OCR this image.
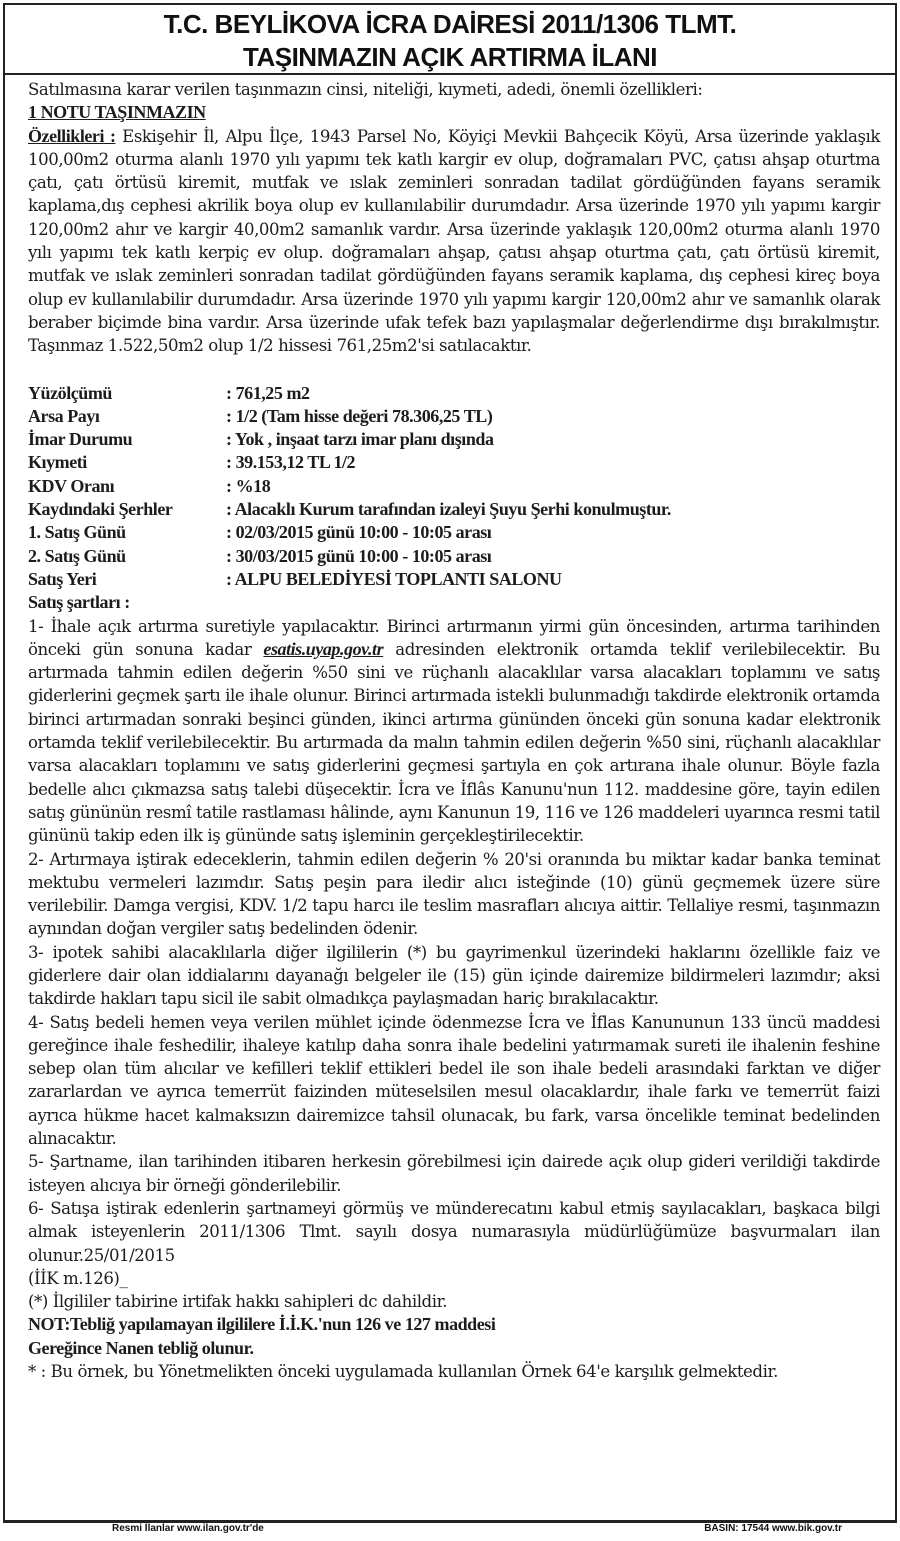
T.C. BEYLİKOVA İCRA DAİRESİ 2011/1306 TLMT.
TAŞINMAZIN AÇIK ARTIRMA İLANI

Satılmasına karar verilen taşınmazın cinsi, niteliği, kıymeti, adedi, önemli özellikleri:

1 NOTU TAŞINMAZIN

Özellikleri : Eskişehir İl, Alpu İlçe, 1943 Parsel No, Köyiçi Mevkii Bahçecik Köyü, Arsa üzerinde yaklaşık 100,00m2 oturma alanlı 1970 yılı yapımı tek katlı kargir ev olup, doğramaları PVC, çatısı ahşap oturtma çatı, çatı örtüsü kiremit, mutfak ve ıslak zeminleri sonradan tadilat gördüğünden fayans seramik kaplama,dış cephesi akrilik boya olup ev kullanılabilir durumdadır. Arsa üzerinde 1970 yılı yapımı kargir 120,00m2 ahır ve kargir 40,00m2 samanlık vardır. Arsa üzerinde yaklaşık 120,00m2 oturma alanlı 1970 yılı yapımı tek katlı kerpiç ev olup. doğramaları ahşap, çatısı ahşap oturtma çatı, çatı örtüsü kiremit, mutfak ve ıslak zeminleri sonradan tadilat gördüğünden fayans seramik kaplama, dış cephesi kireç boya olup ev kullanılabilir durumdadır. Arsa üzerinde 1970 yılı yapımı kargir 120,00m2 ahır ve samanlık olarak beraber biçimde bina vardır. Arsa üzerinde ufak tefek bazı yapılaşmalar değerlendirme dışı bırakılmıştır. Taşınmaz 1.522,50m2 olup 1/2 hissesi 761,25m2'si satılacaktır.

Yüzölçümü	: 761,25 m2
Arsa Payı	: 1/2 (Tam hisse değeri 78.306,25 TL)
İmar Durumu	: Yok , inşaat tarzı imar planı dışında
Kıymeti	: 39.153,12 TL 1/2
KDV Oranı	: %18
Kaydındaki Şerhler	: Alacaklı Kurum tarafından izaleyi Şuyu Şerhi konulmuştur.
1. Satış Günü	: 02/03/2015 günü 10:00 - 10:05 arası
2. Satış Günü	: 30/03/2015 günü 10:00 - 10:05 arası
Satış Yeri	: ALPU BELEDİYESİ TOPLANTI SALONU

Satış şartları :

1- İhale açık artırma suretiyle yapılacaktır. Birinci artırmanın yirmi gün öncesinden, artırma tarihinden önceki gün sonuna kadar esatis.uyap.gov.tr adresinden elektronik ortamda teklif verilebilecektir. Bu artırmada tahmin edilen değerin %50 sini ve rüçhanlı alacaklılar varsa alacakları toplamını ve satış giderlerini geçmek şartı ile ihale olunur. Birinci artırmada istekli bulunmadığı takdirde elektronik ortamda birinci artırmadan sonraki beşinci günden, ikinci artırma gününden önceki gün sonuna kadar elektronik ortamda teklif verilebilecektir. Bu artırmada da malın tahmin edilen değerin %50 sini, rüçhanlı alacaklılar varsa alacakları toplamını ve satış giderlerini geçmesi şartıyla en çok artırana ihale olunur. Böyle fazla bedelle alıcı çıkmazsa satış talebi düşecektir. İcra ve İflâs Kanunu'nun 112. maddesine göre, tayin edilen satış gününün resmî tatile rastlaması hâlinde, aynı Kanunun 19, 116 ve 126 maddeleri uyarınca resmi tatil gününü takip eden ilk iş gününde satış işleminin gerçekleştirilecektir.

2- Artırmaya iştirak edeceklerin, tahmin edilen değerin % 20'si oranında bu miktar kadar banka teminat mektubu vermeleri lazımdır. Satış peşin para iledir alıcı isteğinde (10) günü geçmemek üzere süre verilebilir. Damga vergisi, KDV. 1/2 tapu harcı ile teslim masrafları alıcıya aittir. Tellaliye resmi, taşınmazın aynından doğan vergiler satış bedelinden ödenir.

3- ipotek sahibi alacaklılarla diğer ilgililerin (*) bu gayrimenkul üzerindeki haklarını özellikle faiz ve giderlere dair olan iddialarını dayanağı belgeler ile (15) gün içinde dairemize bildirmeleri lazımdır; aksi takdirde hakları tapu sicil ile sabit olmadıkça paylaşmadan hariç bırakılacaktır.

4- Satış bedeli hemen veya verilen mühlet içinde ödenmezse İcra ve İflas Kanununun 133 üncü maddesi gereğince ihale feshedilir, ihaleye katılıp daha sonra ihale bedelini yatırmamak sureti ile ihalenin feshine sebep olan tüm alıcılar ve kefilleri teklif ettikleri bedel ile son ihale bedeli arasındaki farktan ve diğer zararlardan ve ayrıca temerrüt faizinden müteselsilen mesul olacaklardır, ihale farkı ve temerrüt faizi ayrıca hükme hacet kalmaksızın dairemizce tahsil olunacak, bu fark, varsa öncelikle teminat bedelinden alınacaktır.

5- Şartname, ilan tarihinden itibaren herkesin görebilmesi için dairede açık olup gideri verildiği takdirde isteyen alıcıya bir örneği gönderilebilir.

6- Satışa iştirak edenlerin şartnameyi görmüş ve münderecatını kabul etmiş sayılacakları, başkaca bilgi almak isteyenlerin 2011/1306 Tlmt. sayılı dosya numarasıyla müdürlüğümüze başvurmaları ilan olunur.25/01/2015

(İİK m.126)_

(*) İlgililer tabirine irtifak hakkı sahipleri dc dahildir.

NOT:Tebliğ yapılamayan ilgililere İ.İ.K.'nun 126 ve 127 maddesi

Gereğince Nanen tebliğ olunur.

* : Bu örnek, bu Yönetmelikten önceki uygulamada kullanılan Örnek 64'e karşılık gelmektedir.

Resmi İlanlar www.ilan.gov.tr'de	BASIN: 17544 www.bik.gov.tr
